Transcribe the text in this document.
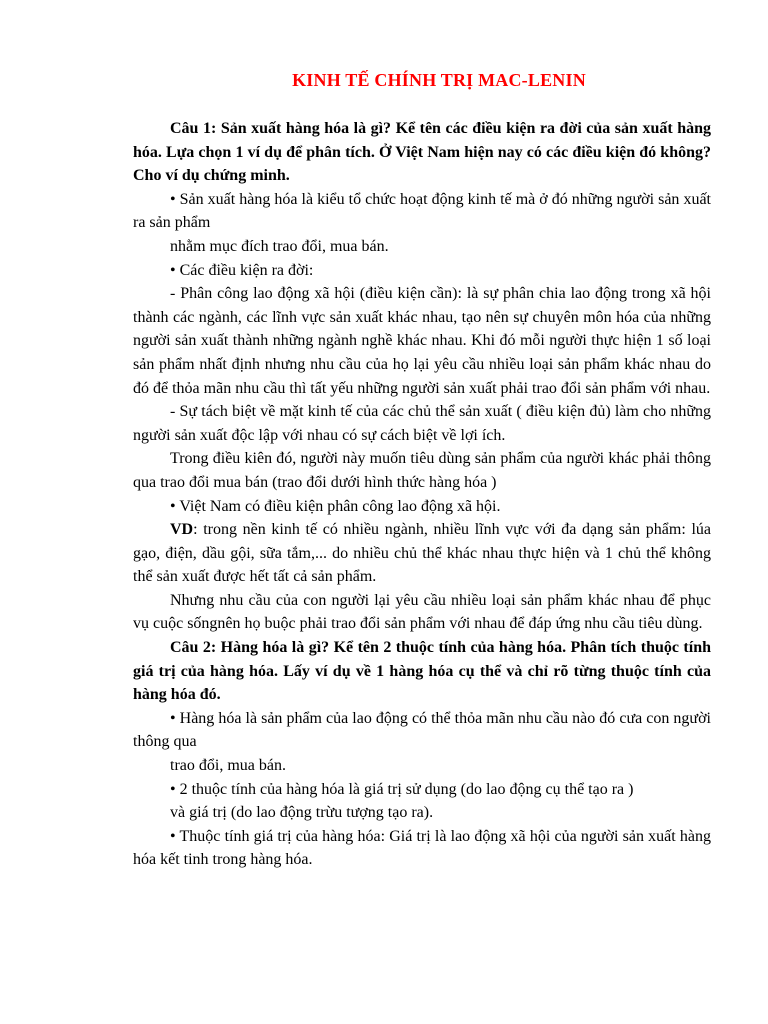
KINH TẾ CHÍNH TRỊ MAC-LENIN

Câu 1: Sản xuất hàng hóa là gì? Kể tên các điều kiện ra đời của sản xuất hàng hóa. Lựa chọn 1 ví dụ để phân tích. Ở Việt Nam hiện nay có các điều kiện đó không? Cho ví dụ chứng minh.

• Sản xuất hàng hóa là kiểu tổ chức hoạt động kinh tế mà ở đó những người sản xuất ra sản phẩm

nhằm mục đích trao đổi, mua bán.

• Các điều kiện ra đời:

- Phân công lao động xã hội (điều kiện cần): là sự phân chia lao động trong xã hội thành các ngành, các lĩnh vực sản xuất khác nhau, tạo nên sự chuyên môn hóa của những người sản xuất thành những ngành nghề khác nhau. Khi đó mỗi người thực hiện 1 số loại sản phẩm nhất định nhưng nhu cầu của họ lại yêu cầu nhiều loại sản phẩm khác nhau do đó để thỏa mãn nhu cầu thì tất yếu những người sản xuất phải trao đổi sản phẩm với nhau.

- Sự tách biệt về mặt kinh tế của các chủ thể sản xuất ( điều kiện đủ) làm cho những người sản xuất độc lập với nhau có sự cách biệt về lợi ích.

Trong điều kiên đó, người này muốn tiêu dùng sản phẩm của người khác phải thông qua trao đổi mua bán (trao đổi dưới hình thức hàng hóa )

• Việt Nam có điều kiện phân công lao động xã hội.

VD: trong nền kinh tế có nhiều ngành, nhiều lĩnh vực với đa dạng sản phẩm: lúa gạo, điện, dầu gội, sữa tắm,... do nhiều chủ thể khác nhau thực hiện và 1 chủ thể không thể sản xuất được hết tất cả sản phẩm.

Nhưng nhu cầu của con người lại yêu cầu nhiều loại sản phẩm khác nhau để phục vụ cuộc sốngnên họ buộc phải trao đổi sản phẩm với nhau để đáp ứng nhu cầu tiêu dùng.

Câu 2: Hàng hóa là gì? Kể tên 2 thuộc tính của hàng hóa. Phân tích thuộc tính giá trị của hàng hóa. Lấy ví dụ về 1 hàng hóa cụ thể và chỉ rõ từng thuộc tính của hàng hóa đó.

• Hàng hóa là sản phẩm của lao động có thể thỏa mãn nhu cầu nào đó cưa con người thông qua

trao đổi, mua bán.

• 2 thuộc tính của hàng hóa là giá trị sử dụng (do lao động cụ thể tạo ra )

và giá trị (do lao động trừu tượng tạo ra).

• Thuộc tính giá trị của hàng hóa: Giá trị là lao động xã hội của người sản xuất hàng hóa kết tinh trong hàng hóa.
